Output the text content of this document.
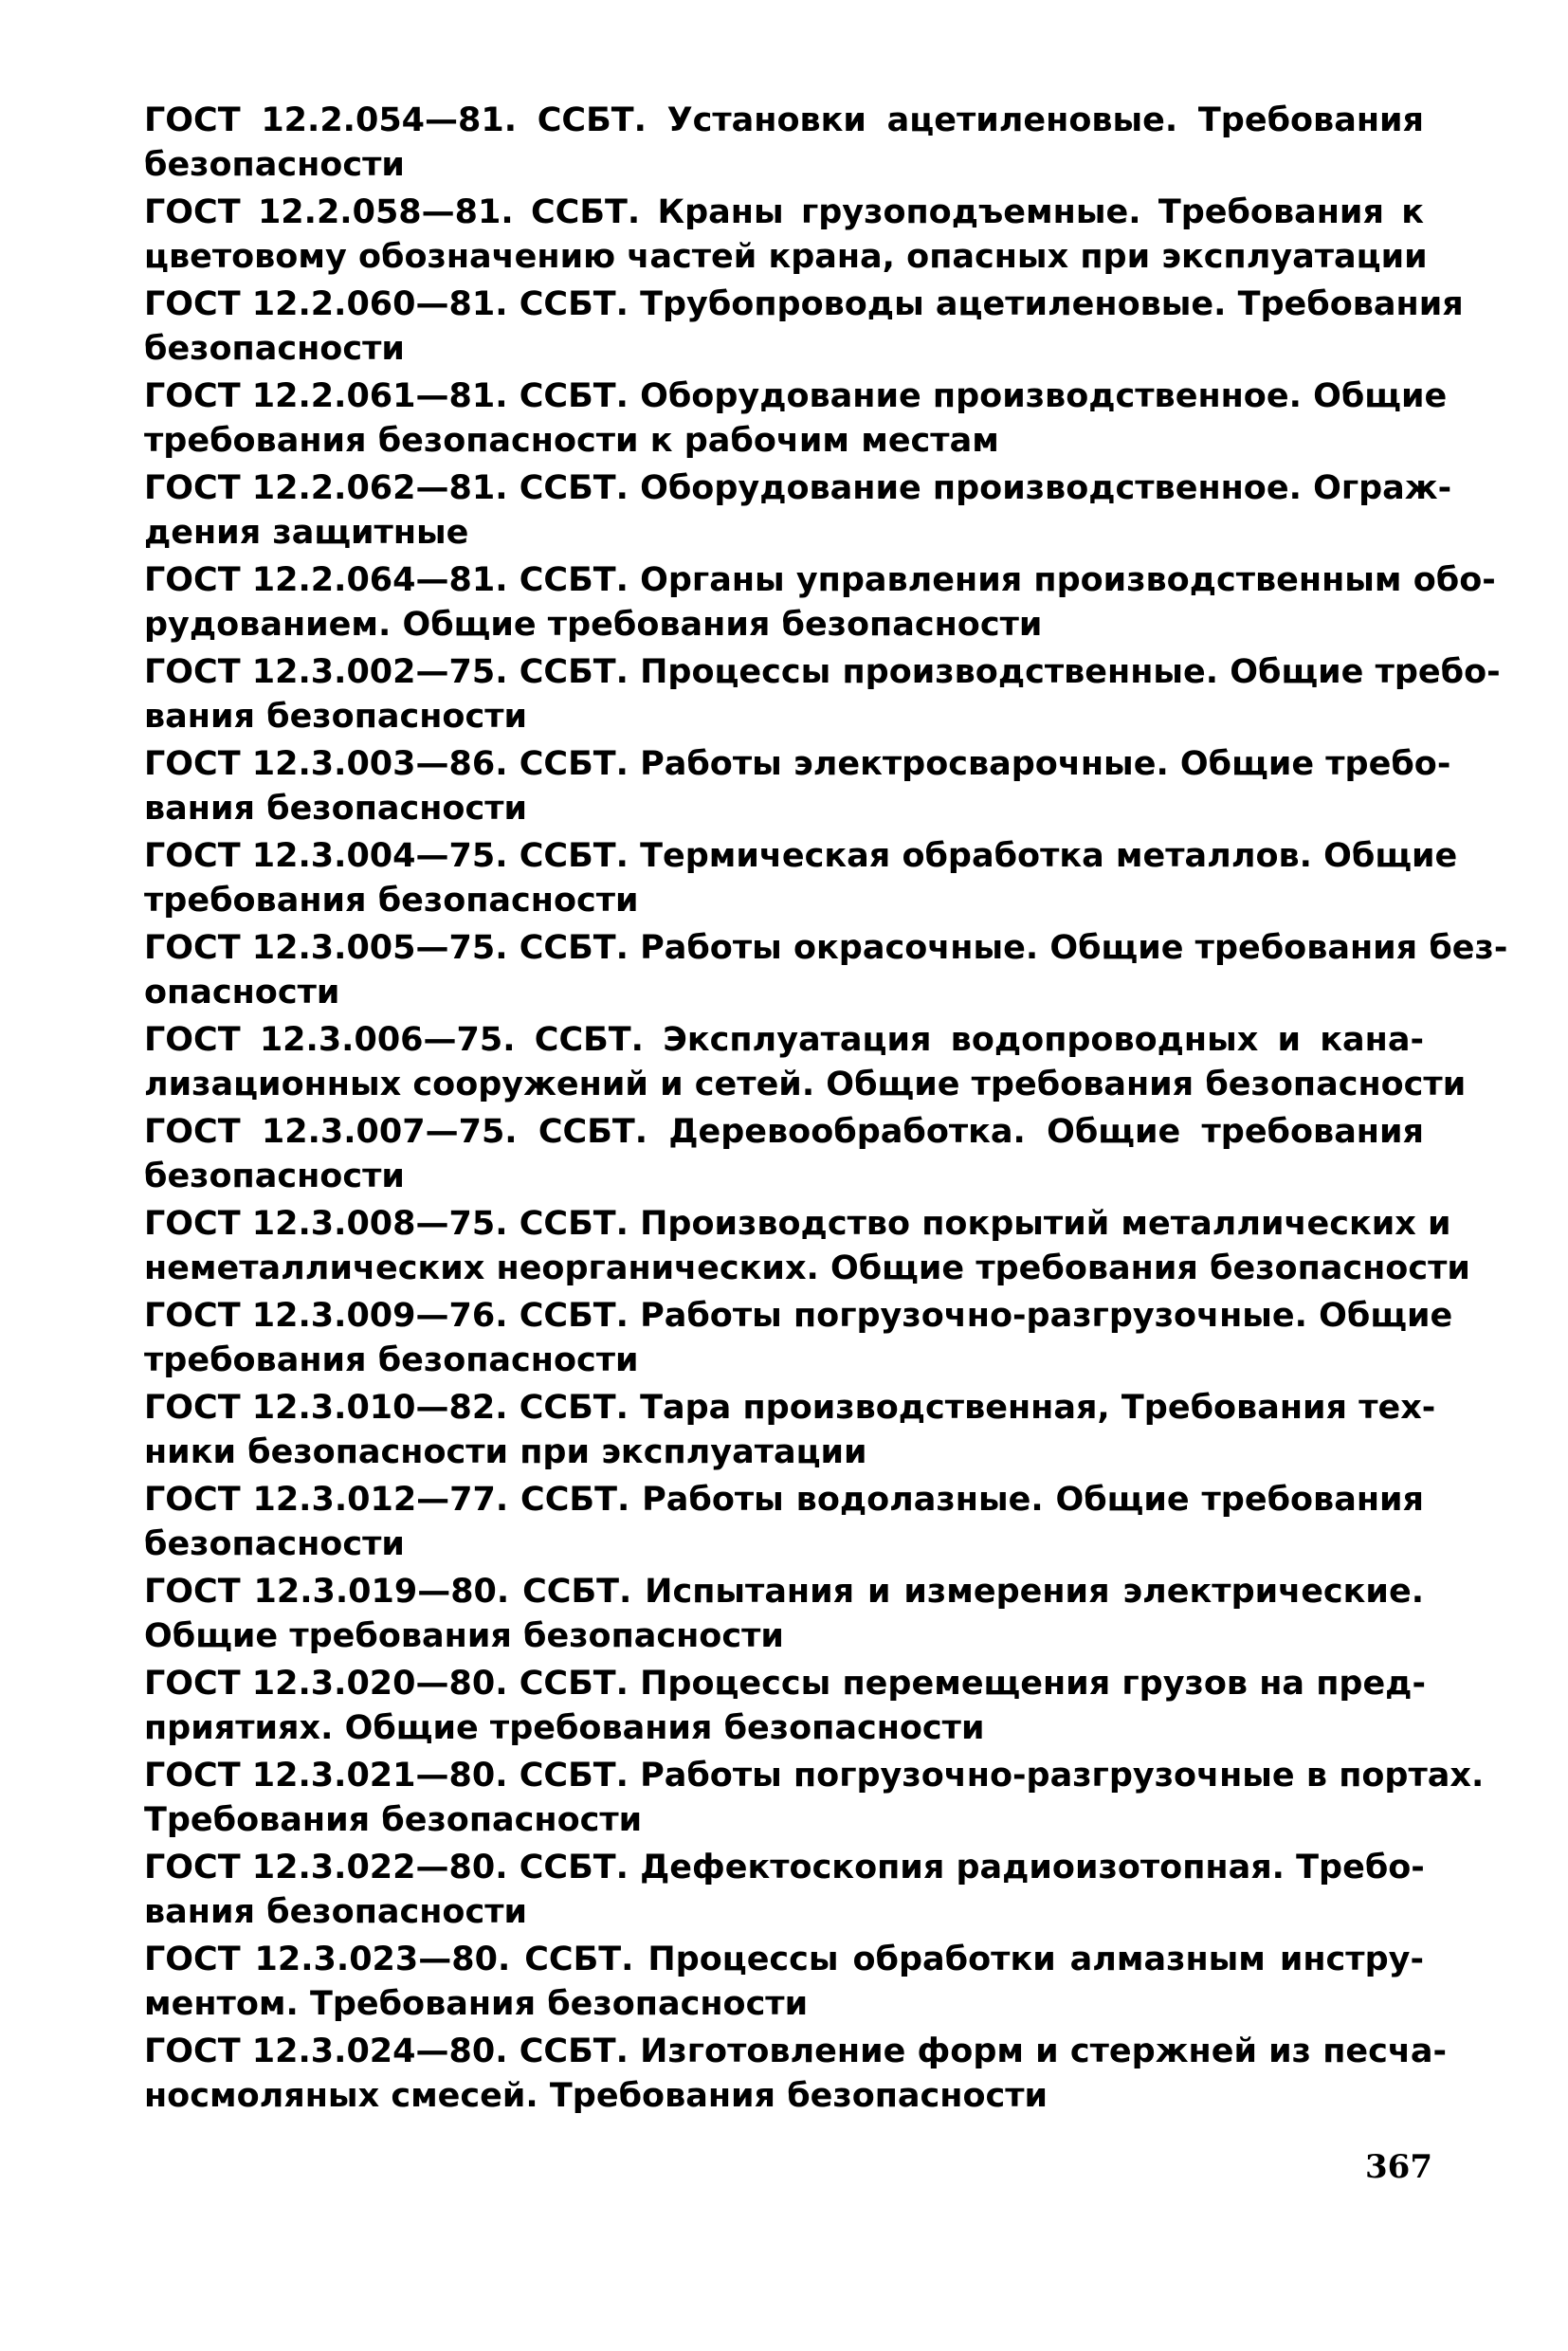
ГОСТ 12.2.054—81. ССБТ. Установки ацетиленовые. Требования
безопасности
ГОСТ 12.2.058—81. ССБТ. Краны грузоподъемные. Требования к
цветовому обозначению частей крана, опасных при эксплуатации
ГОСТ 12.2.060—81. ССБТ. Трубопроводы ацетиленовые. Требования
безопасности
ГОСТ 12.2.061—81. ССБТ. Оборудование производственное. Общие
требования безопасности к рабочим местам
ГОСТ 12.2.062—81. ССБТ. Оборудование производственное. Ограж-
дения защитные
ГОСТ 12.2.064—81. ССБТ. Органы управления производственным обо-
рудованием. Общие требования безопасности
ГОСТ 12.3.002—75. ССБТ. Процессы производственные. Общие требо-
вания безопасности
ГОСТ 12.3.003—86. ССБТ. Работы электросварочные. Общие требо-
вания безопасности
ГОСТ 12.3.004—75. ССБТ. Термическая обработка металлов. Общие
требования безопасности
ГОСТ 12.3.005—75. ССБТ. Работы окрасочные. Общие требования без-
опасности
ГОСТ 12.3.006—75. ССБТ. Эксплуатация водопроводных и кана-
лизационных сооружений и сетей. Общие требования безопасности
ГОСТ 12.3.007—75. ССБТ. Деревообработка. Общие требования
безопасности
ГОСТ 12.3.008—75. ССБТ. Производство покрытий металлических и
неметаллических неорганических. Общие требования безопасности
ГОСТ 12.3.009—76. ССБТ. Работы погрузочно-разгрузочные. Общие
требования безопасности
ГОСТ 12.3.010—82. ССБТ. Тара производственная, Требования тех-
ники безопасности при эксплуатации
ГОСТ 12.3.012—77. ССБТ. Работы водолазные. Общие требования
безопасности
ГОСТ 12.3.019—80. ССБТ. Испытания и измерения электрические.
Общие требования безопасности
ГОСТ 12.3.020—80. ССБТ. Процессы перемещения грузов на пред-
приятиях. Общие требования безопасности
ГОСТ 12.3.021—80. ССБТ. Работы погрузочно-разгрузочные в портах.
Требования безопасности
ГОСТ 12.3.022—80. ССБТ. Дефектоскопия радиоизотопная. Требо-
вания безопасности
ГОСТ 12.3.023—80. ССБТ. Процессы обработки алмазным инстру-
ментом. Требования безопасности
ГОСТ 12.3.024—80. ССБТ. Изготовление форм и стержней из песча-
носмоляных смесей. Требования безопасности
367
